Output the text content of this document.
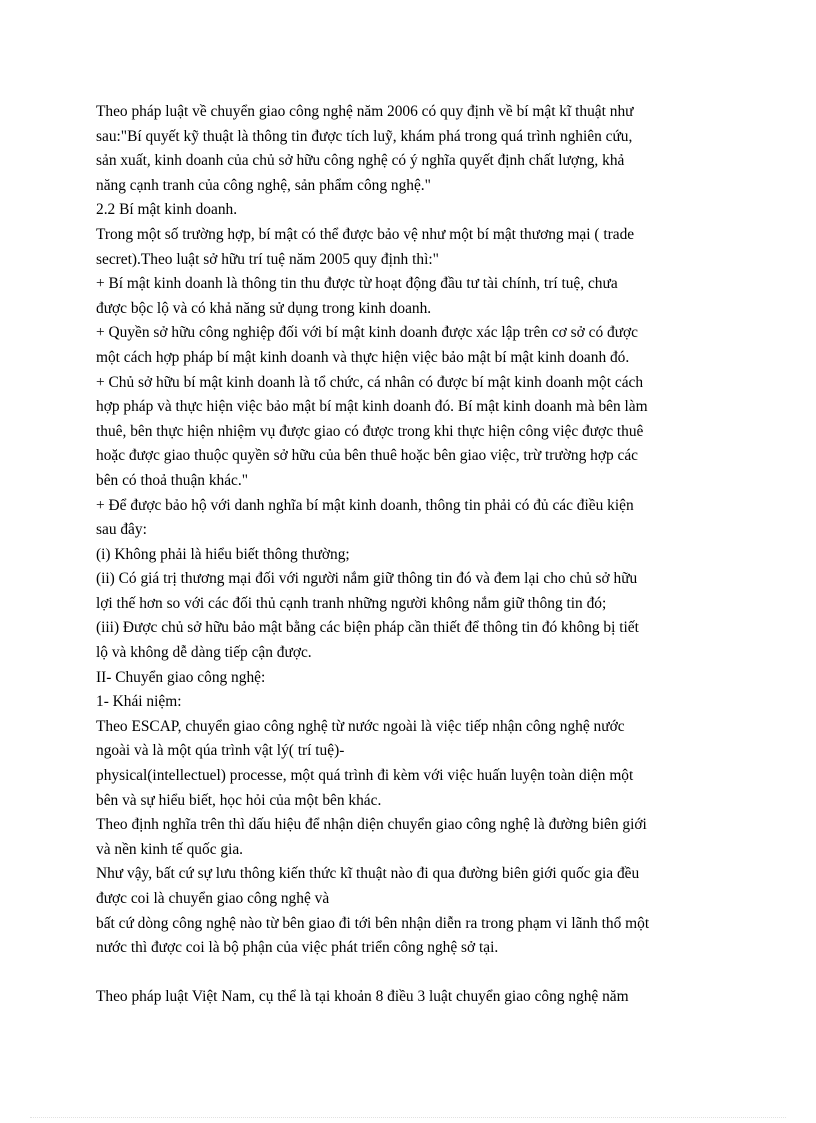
Theo pháp luật về chuyển giao công nghệ năm 2006 có quy định về bí mật kĩ thuật như
sau:"Bí quyết kỹ thuật là thông tin được tích luỹ, khám phá trong quá trình nghiên cứu,
sản xuất, kinh doanh của chủ sở hữu công nghệ có ý nghĩa quyết định chất lượng, khả
năng cạnh tranh của công nghệ, sản phẩm công nghệ."
2.2 Bí mật kinh doanh.
Trong một số trường hợp, bí mật có thể được bảo vệ như một bí mật thương mại ( trade
secret).Theo luật sở hữu trí tuệ năm 2005 quy định thì:"
+ Bí mật kinh doanh là thông tin thu được từ hoạt động đầu tư tài chính, trí tuệ, chưa
được bộc lộ và có khả năng sử dụng trong kinh doanh.
+ Quyền sở hữu công nghiệp đối với bí mật kinh doanh được xác lập trên cơ sở có được
một cách hợp pháp bí mật kinh doanh và thực hiện việc bảo mật bí mật kinh doanh đó.
+ Chủ sở hữu bí mật kinh doanh là tổ chức, cá nhân có được bí mật kinh doanh một cách
hợp pháp và thực hiện việc bảo mật bí mật kinh doanh đó. Bí mật kinh doanh mà bên làm
thuê, bên thực hiện nhiệm vụ được giao có được trong khi thực hiện công việc được thuê
hoặc được giao thuộc quyền sở hữu của bên thuê hoặc bên giao việc, trừ trường hợp các
bên có thoả thuận khác."
+ Để được bảo hộ với danh nghĩa bí mật kinh doanh, thông tin phải có đủ các điều kiện
sau đây:
(i) Không phải là hiểu biết thông thường;
(ii) Có giá trị thương mại đối với người nắm giữ thông tin đó và đem lại cho chủ sở hữu
lợi thế hơn so với các đối thủ cạnh tranh những người không nắm giữ thông tin đó;
(iii) Được chủ sở hữu bảo mật bằng các biện pháp cần thiết để thông tin đó không bị tiết
lộ và không dễ dàng tiếp cận được.
II- Chuyển giao công nghệ:
1- Khái niệm:
Theo ESCAP, chuyển giao công nghệ từ nước ngoài là việc tiếp nhận công nghệ nước
ngoài và là một qúa trình vật lý( trí tuệ)-
physical(intellectuel) processe, một quá trình đi kèm với việc huấn luyện toàn diện một
bên và sự hiểu biết, học hỏi của một bên khác.
Theo định nghĩa trên thì dấu hiệu để nhận diện chuyển giao công nghệ là đường biên giới
và nền kinh tế quốc gia.
Như vậy, bất cứ sự lưu thông kiến thức kĩ thuật nào đi qua đường biên giới quốc gia đều
được coi là chuyển giao công nghệ và
bất cứ dòng công nghệ nào từ bên giao đi tới bên nhận diễn ra trong phạm vi lãnh thổ một
nước thì được coi là bộ phận của việc phát triển công nghệ sở tại.
Theo pháp luật Việt Nam, cụ thể là tại khoản 8 điều 3 luật chuyển giao công nghệ năm
